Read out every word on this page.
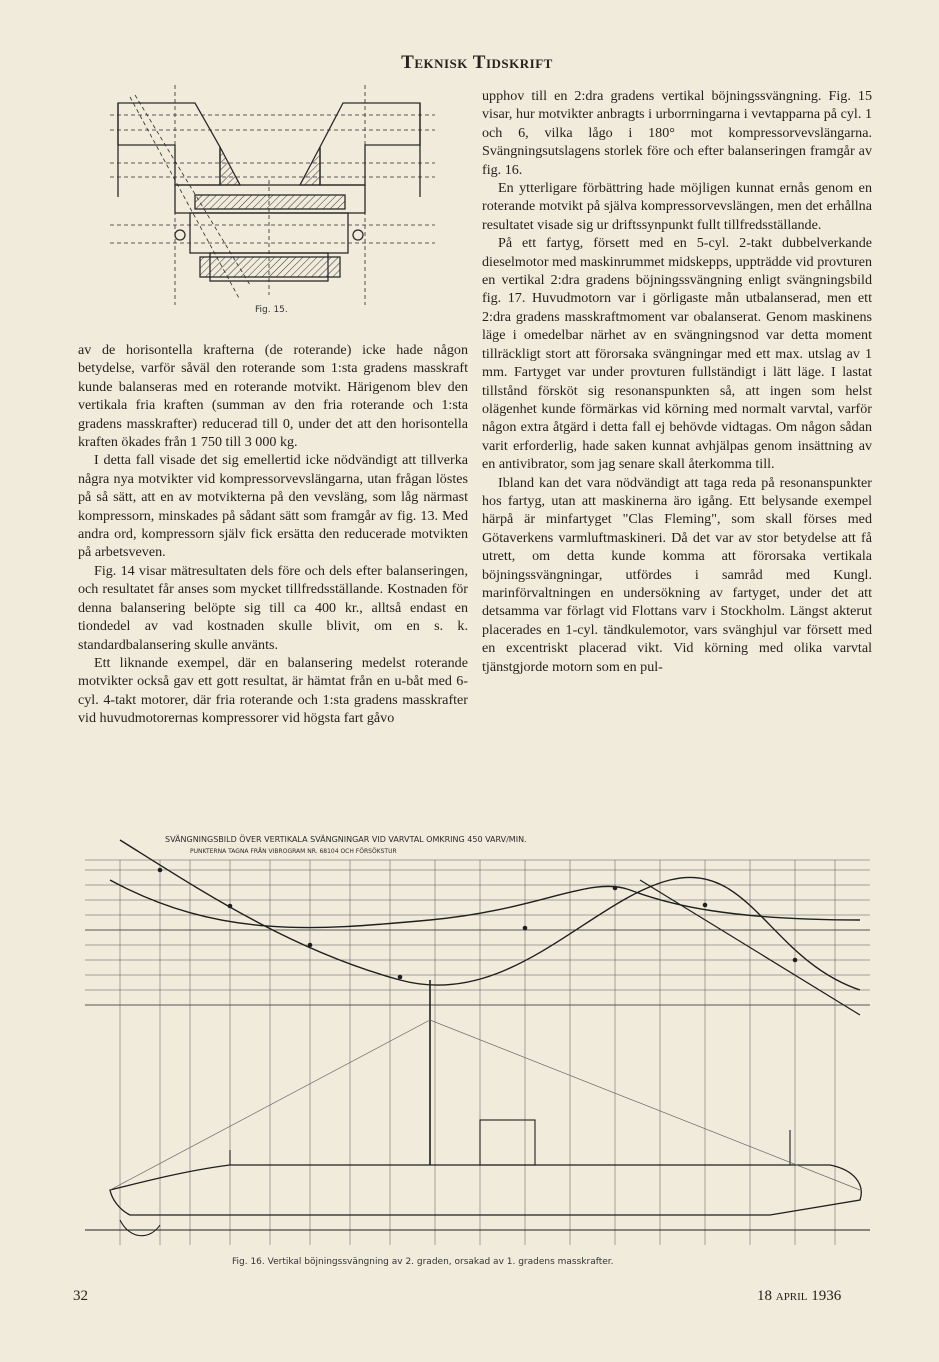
Teknisk Tidskrift
Fig. 15.

av de horisontella krafterna (de roterande) icke hade någon betydelse, varför såväl den roterande som 1:sta gradens masskraft kunde balanseras med en roterande motvikt. Härigenom blev den vertikala fria kraften (summan av den fria roterande och 1:sta gradens masskrafter) reducerad till 0, under det att den horisontella kraften ökades från 1 750 till 3 000 kg.

I detta fall visade det sig emellertid icke nödvändigt att tillverka några nya motvikter vid kompressorvevslängarna, utan frågan löstes på så sätt, att en av motvikterna på den vevsläng, som låg närmast kompressorn, minskades på sådant sätt som framgår av fig. 13. Med andra ord, kompressorn själv fick ersätta den reducerade motvikten på arbetsveven.

Fig. 14 visar mätresultaten dels före och dels efter balanseringen, och resultatet får anses som mycket tillfredsställande. Kostnaden för denna balansering belöpte sig till ca 400 kr., alltså endast en tiondedel av vad kostnaden skulle blivit, om en s. k. standardbalansering skulle använts.

Ett liknande exempel, där en balansering medelst roterande motvikter också gav ett gott resultat, är hämtat från en u-båt med 6-cyl. 4-takt motorer, där fria roterande och 1:sta gradens masskrafter vid huvudmotorernas kompressorer vid högsta fart gåvo

upphov till en 2:dra gradens vertikal böjningssvängning. Fig. 15 visar, hur motvikter anbragts i urborrningarna i vevtapparna på cyl. 1 och 6, vilka lågo i 180° mot kompressorvevslängarna. Svängningsutslagens storlek före och efter balanseringen framgår av fig. 16.

En ytterligare förbättring hade möjligen kunnat ernås genom en roterande motvikt på själva kompressorvevslängen, men det erhållna resultatet visade sig ur driftssynpunkt fullt tillfredsställande.

På ett fartyg, försett med en 5-cyl. 2-takt dubbelverkande dieselmotor med maskinrummet midskepps, uppträdde vid provturen en vertikal 2:dra gradens böjningssvängning enligt svängningsbild fig. 17. Huvudmotorn var i görligaste mån utbalanserad, men ett 2:dra gradens masskraftmoment var obalanserat. Genom maskinens läge i omedelbar närhet av en svängningsnod var detta moment tillräckligt stort att förorsaka svängningar med ett max. utslag av 1 mm. Fartyget var under provturen fullständigt i lätt läge. I lastat tillstånd försköt sig resonanspunkten så, att ingen som helst olägenhet kunde förmärkas vid körning med normalt varvtal, varför någon extra åtgärd i detta fall ej behövde vidtagas. Om någon sådan varit erforderlig, hade saken kunnat avhjälpas genom insättning av en antivibrator, som jag senare skall återkomma till.

Ibland kan det vara nödvändigt att taga reda på resonanspunkter hos fartyg, utan att maskinerna äro igång. Ett belysande exempel härpå är minfartyget "Clas Fleming", som skall förses med Götaverkens varmluftmaskineri. Då det var av stor betydelse att få utrett, om detta kunde komma att förorsaka vertikala böjningssvängningar, utfördes i samråd med Kungl. marinförvaltningen en undersökning av fartyget, under det att detsamma var förlagt vid Flottans varv i Stockholm. Längst akterut placerades en 1-cyl. tändkulemotor, vars svänghjul var försett med en excentriskt placerad vikt. Vid körning med olika varvtal tjänstgjorde motorn som en pul-

SVÄNGNINGSBILD ÖVER VERTIKALA SVÄNGNINGAR VID VARVTAL OMKRING 450 VARV/MIN.
PUNKTERNA TAGNA FRÅN VIBROGRAM NR. 68104 OCH FÖRSÖKSTUR
Fig. 16. Vertikal böjningssvängning av 2. graden, orsakad av 1. gradens masskrafter.
32	18 april 1936
